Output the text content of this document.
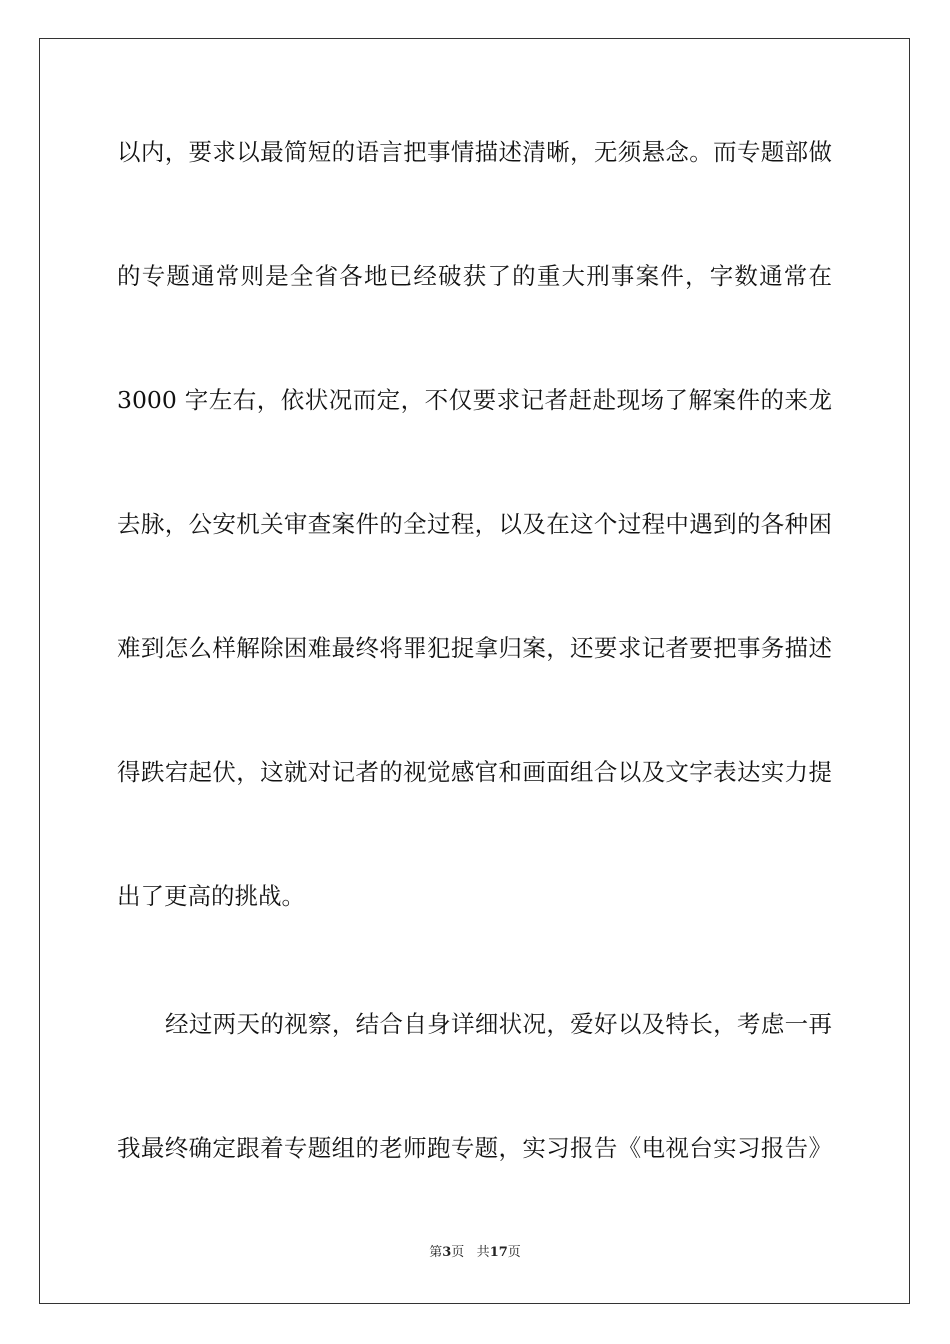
以内，要求以最简短的语言把事情描述清晰，无须悬念。而专题部做
的专题通常则是全省各地已经破获了的重大刑事案件，字数通常在
3000 字左右，依状况而定，不仅要求记者赶赴现场了解案件的来龙
去脉，公安机关审查案件的全过程，以及在这个过程中遇到的各种困
难到怎么样解除困难最终将罪犯捉拿归案，还要求记者要把事务描述
得跌宕起伏，这就对记者的视觉感官和画面组合以及文字表达实力提
出了更高的挑战。
经过两天的视察，结合自身详细状况，爱好以及特长，考虑一再
我最终确定跟着专题组的老师跑专题，实习报告《电视台实习报告》
第3页 共17页
